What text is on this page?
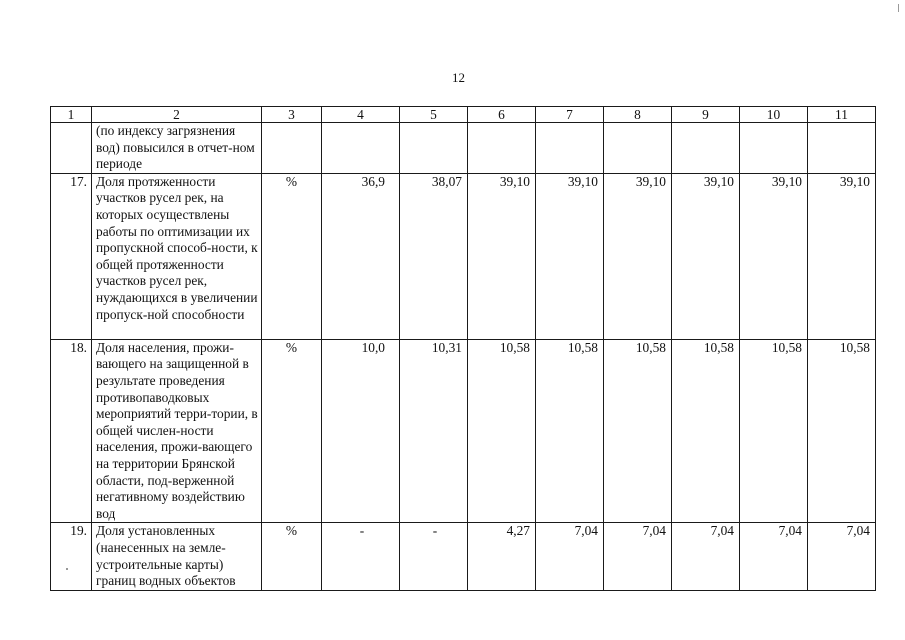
12
1	2	3	4	5	6	7	8	9	10	11
	(по индексу загрязнения вод) повысился в отчет-ном периоде									
17.	Доля протяженности участков русел рек, на которых осуществлены работы по оптимизации их пропускной способ-ности, к общей протяженности участков русел рек, нуждающихся в увеличении пропуск-ной способности	%	36,9	38,07	39,10	39,10	39,10	39,10	39,10	39,10
18.	Доля населения, прожи-вающего на защищенной в результате проведения противопаводковых мероприятий терри-тории, в общей числен-ности населения, прожи-вающего на территории Брянской области, под-верженной негативному воздействию вод	%	10,0	10,31	10,58	10,58	10,58	10,58	10,58	10,58
19.	Доля установленных (нанесенных на земле-устроительные карты) границ водных объектов	%	-	-	4,27	7,04	7,04	7,04	7,04	7,04
